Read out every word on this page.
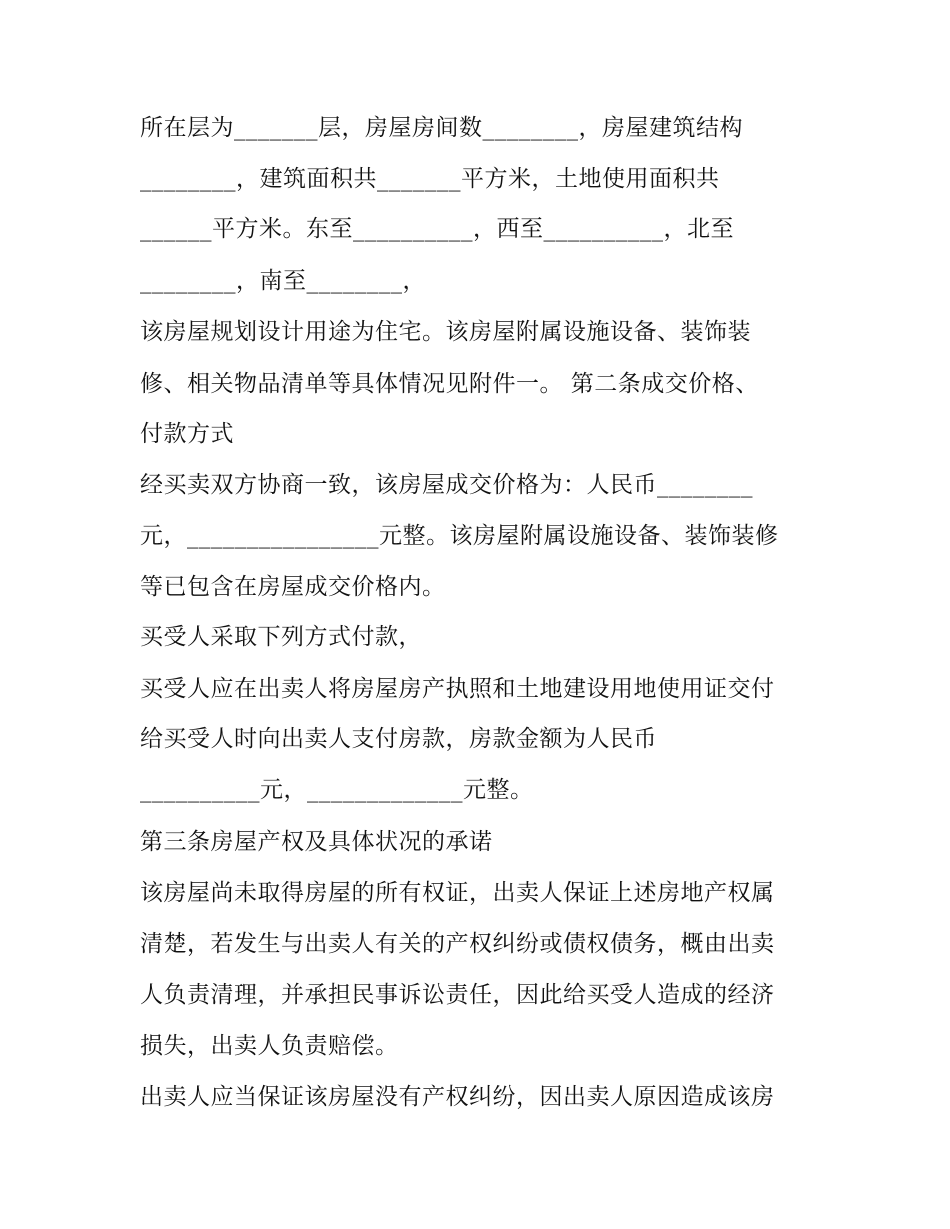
所在层为_______层，房屋房间数________，房屋建筑结构
________，建筑面积共_______平方米，土地使用面积共
______平方米。东至__________，西至__________，北至
________，南至________，
该房屋规划设计用途为住宅。该房屋附属设施设备、装饰装
修、相关物品清单等具体情况见附件一。 第二条成交价格、
付款方式
经买卖双方协商一致，该房屋成交价格为：人民币________
元，________________元整。该房屋附属设施设备、装饰装修
等已包含在房屋成交价格内。
买受人采取下列方式付款，
买受人应在出卖人将房屋房产执照和土地建设用地使用证交付
给买受人时向出卖人支付房款，房款金额为人民币
__________元，_____________元整。
第三条房屋产权及具体状况的承诺
该房屋尚未取得房屋的所有权证，出卖人保证上述房地产权属
清楚，若发生与出卖人有关的产权纠纷或债权债务，概由出卖
人负责清理，并承担民事诉讼责任，因此给买受人造成的经济
损失，出卖人负责赔偿。
出卖人应当保证该房屋没有产权纠纷，因出卖人原因造成该房
